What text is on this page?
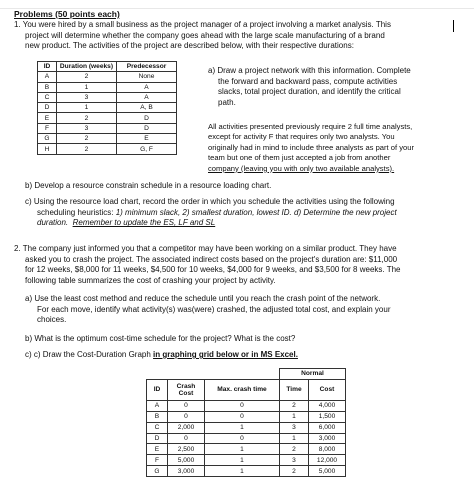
Problems (50 points each)
1. You were hired by a small business as the project manager of a project involving a market analysis. This
project will determine whether the company goes ahead with the large scale manufacturing of a brand
new product. The activities of the project are described below, with their respective durations:
ID	Duration (weeks)	Predecessor
A	2	None
B	1	A
C	3	A
D	1	A, B
E	2	D
F	3	D
G	2	E
H	2	G, F
a) Draw a project network with this information. Complete
the forward and backward pass, compute activities
slacks, total project duration, and identify the critical
path.
All activities presented previously require 2 full time analysts,
except for activity F that requires only two analysts. You
originally had in mind to include three analysts as part of your
team but one of them just accepted a job from another
company (leaving you with only two available analysts).
b) Develop a resource constrain schedule in a resource loading chart.
c) Using the resource load chart, record the order in which you schedule the activities using the following
scheduling heuristics: 1) minimum slack, 2) smallest duration, lowest ID. d) Determine the new project
duration. Remember to update the ES, LF and SL
2. The company just informed you that a competitor may have been working on a similar product. They have
asked you to crash the project. The associated indirect costs based on the project's duration are: $11,000
for 12 weeks, $8,000 for 11 weeks, $4,500 for 10 weeks, $4,000 for 9 weeks, and $3,500 for 8 weeks. The
following table summarizes the cost of crashing your project by activity.
a) Use the least cost method and reduce the schedule until you reach the crash point of the network.
For each move, identify what activity(s) was(were) crashed, the adjusted total cost, and explain your
choices.
b) What is the optimum cost-time schedule for the project? What is the cost?
c) c) Draw the Cost-Duration Graph in graphing grid below or in MS Excel.
			Normal	
ID	Crash Cost	Max. crash time	Time	Cost
A	0	0	2	4,000
B	0	0	1	1,500
C	2,000	1	3	6,000
D	0	0	1	3,000
E	2,500	1	2	8,000
F	5,000	1	3	12,000
G	3,000	1	2	5,000
